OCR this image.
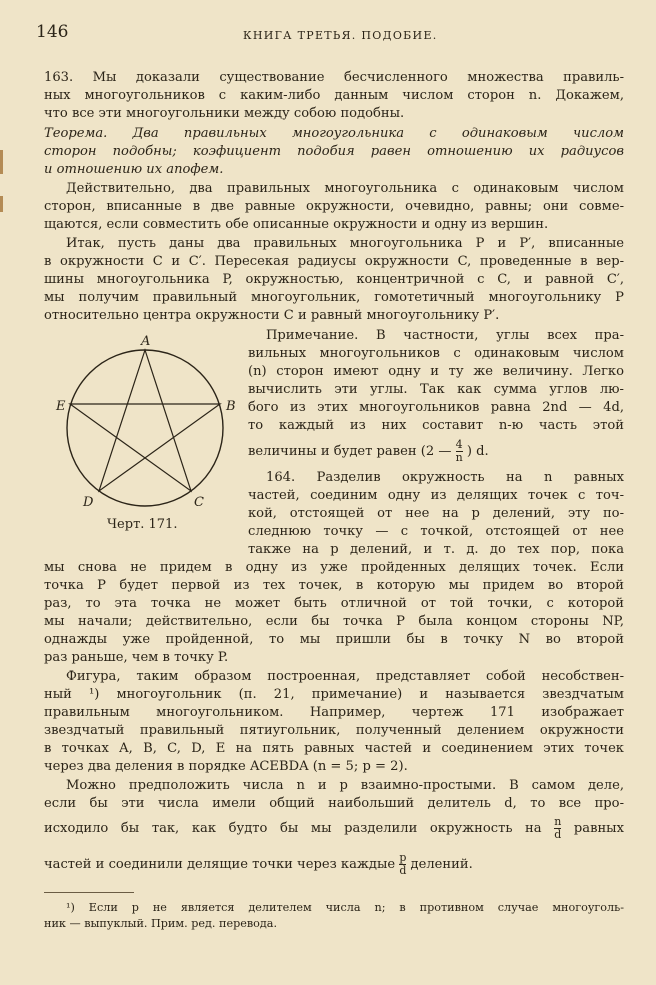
146	КНИГА ТРЕТЬЯ. ПОДОБИЕ.
163. Мы доказали существование бесчисленного множества правиль-
ных многоугольников с каким-либо данным числом сторон n. Докажем,
что все эти многоугольники между собою подобны.
Теорема. Два правильных многоугольника с одинаковым числом
сторон подобны; коэфициент подобия равен отношению их радиусов
и отношению их апофем.
Действительно, два правильных многоугольника с одинаковым числом
сторон, вписанные в две равные окружности, очевидно, равны; они совме-
щаются, если совместить обе описанные окружности и одну из вершин.
Итак, пусть даны два правильных многоугольника P и P′, вписанные
в окружности C и C′. Пересекая радиусы окружности C, проведенные в вер-
шины многоугольника P, окружностью, концентричной с C, и равной C′,
мы получим правильный многоугольник, гомотетичный многоугольнику P
относительно центра окружности C и равный многоугольнику P′.
Примечание. В частности, углы всех пра-
вильных многоугольников с одинаковым числом
(n) сторон имеют одну и ту же величину. Легко
вычислить эти углы. Так как сумма углов лю-
бого из этих многоугольников равна 2nd — 4d,
то каждый из них составит n-ю часть этой
величины и будет равен (2 — $\frac{4}{n}$ ) d.
A
B
C
D
E
Черт. 171.
164. Разделив окружность на n равных
частей, соединим одну из делящих точек с точ-
кой, отстоящей от нее на p делений, эту по-
следнюю точку — с точкой, отстоящей от нее
также на p делений, и т. д. до тех пор, пока
мы снова не придем в одну из уже пройденных делящих точек. Если
точка P будет первой из тех точек, в которую мы придем во второй
раз, то эта точка не может быть отличной от той точки, с которой
мы начали; действительно, если бы точка P была концом стороны NP,
однажды уже пройденной, то мы пришли бы в точку N во второй
раз раньше, чем в точку P.
Фигура, таким образом построенная, представляет собой несобствен-
ный ¹) многоугольник (п. 21, примечание) и называется звездчатым
правильным многоугольником. Например, чертеж 171 изображает
звездчатый правильный пятиугольник, полученный делением окружности
в точках A, B, C, D, E на пять равных частей и соединением этих точек
через два деления в порядке ACEBDA (n = 5; p = 2).
Можно предположить числа n и p взаимно-простыми. В самом деле,
если бы эти числа имели общий наибольший делитель d, то все про-
исходило бы так, как будто бы мы разделили окружность на $\frac{n}{d}$ равных
частей и соединили делящие точки через каждые $\frac{p}{d}$ делений.
¹) Если p не является делителем числа n; в противном случае многоуголь-
ник — выпуклый. Прим. ред. перевода.
